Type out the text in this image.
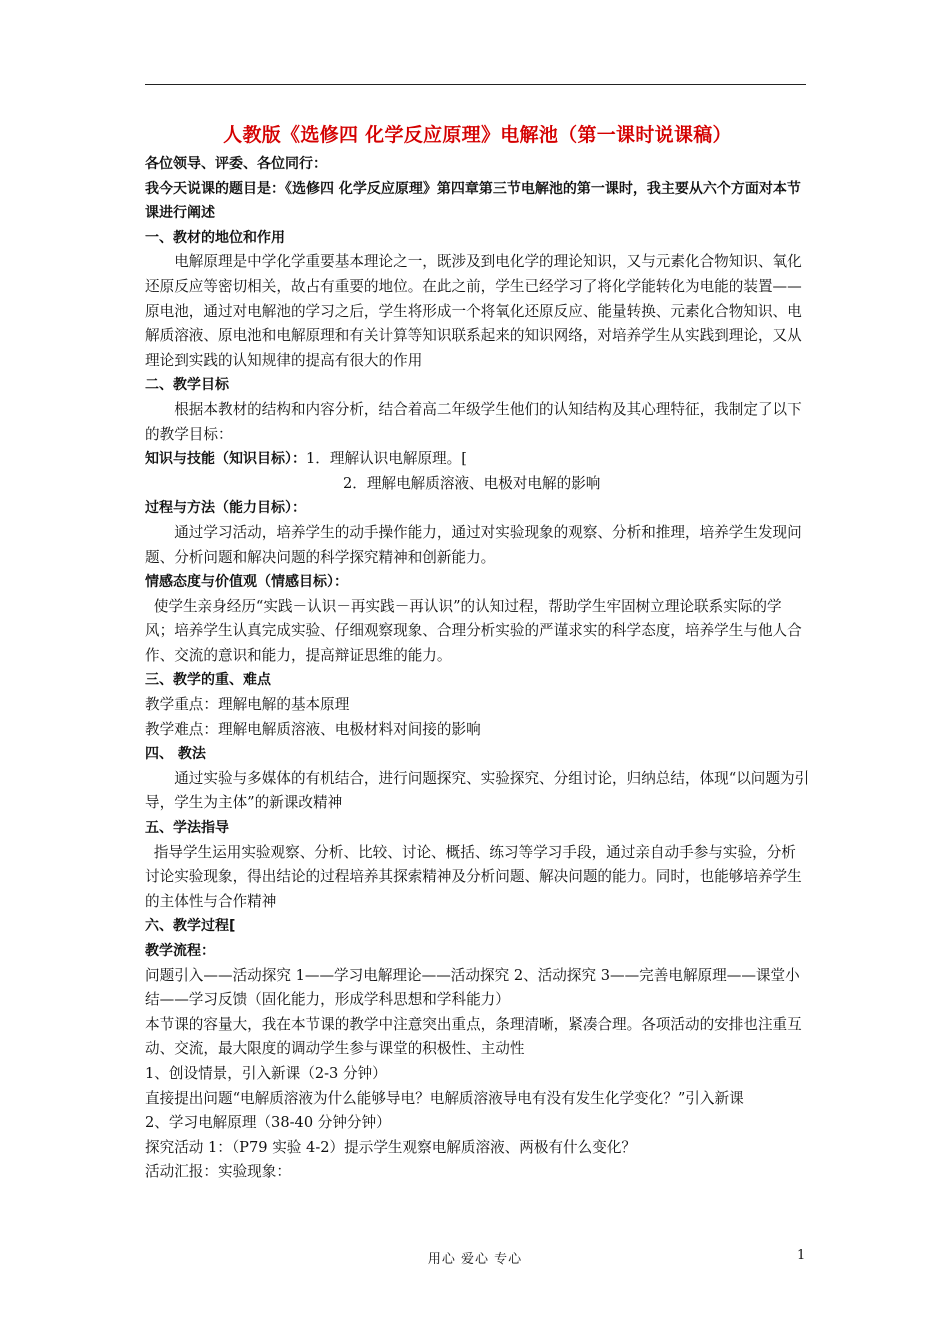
人教版《选修四 化学反应原理》电解池（第一课时说课稿）

各位领导、评委、各位同行：

我今天说课的题目是：《选修四 化学反应原理》第四章第三节电解池的第一课时，我主要从六个方面对本节课进行阐述

一、教材的地位和作用

电解原理是中学化学重要基本理论之一，既涉及到电化学的理论知识，又与元素化合物知识、氧化还原反应等密切相关，故占有重要的地位。在此之前，学生已经学习了将化学能转化为电能的装置——原电池，通过对电解池的学习之后，学生将形成一个将氧化还原反应、能量转换、元素化合物知识、电解质溶液、原电池和电解原理和有关计算等知识联系起来的知识网络，对培养学生从实践到理论，又从理论到实践的认知规律的提高有很大的作用

二、教学目标

根据本教材的结构和内容分析，结合着高二年级学生他们的认知结构及其心理特征，我制定了以下的教学目标：

知识与技能（知识目标）：1．理解认识电解原理。[

2．理解电解质溶液、电极对电解的影响

过程与方法（能力目标）：

通过学习活动，培养学生的动手操作能力，通过对实验现象的观察、分析和推理，培养学生发现问题、分析问题和解决问题的科学探究精神和创新能力。

情感态度与价值观（情感目标）：

使学生亲身经历“实践－认识－再实践－再认识”的认知过程，帮助学生牢固树立理论联系实际的学风；培养学生认真完成实验、仔细观察现象、合理分析实验的严谨求实的科学态度，培养学生与他人合作、交流的意识和能力，提高辩证思维的能力。

三、教学的重、难点

教学重点：理解电解的基本原理

教学难点：理解电解质溶液、电极材料对间接的影响

四、 教法

通过实验与多媒体的有机结合，进行问题探究、实验探究、分组讨论，归纳总结，体现“以问题为引导，学生为主体”的新课改精神

五、学法指导

指导学生运用实验观察、分析、比较、讨论、概括、练习等学习手段，通过亲自动手参与实验，分析讨论实验现象，得出结论的过程培养其探索精神及分析问题、解决问题的能力。同时，也能够培养学生的主体性与合作精神

六、教学过程[

教学流程：

问题引入——活动探究 1——学习电解理论——活动探究 2、活动探究 3——完善电解原理——课堂小结——学习反馈（固化能力，形成学科思想和学科能力）

本节课的容量大，我在本节课的教学中注意突出重点，条理清晰，紧凑合理。各项活动的安排也注重互动、交流，最大限度的调动学生参与课堂的积极性、主动性

1、创设情景，引入新课（2-3 分钟）

直接提出问题“电解质溶液为什么能够导电？电解质溶液导电有没有发生化学变化？”引入新课

2、学习电解原理（38-40 分钟分钟）

探究活动 1：（P79 实验 4-2）提示学生观察电解质溶液、两极有什么变化？

活动汇报：实验现象：

用心 爱心 专心	1
